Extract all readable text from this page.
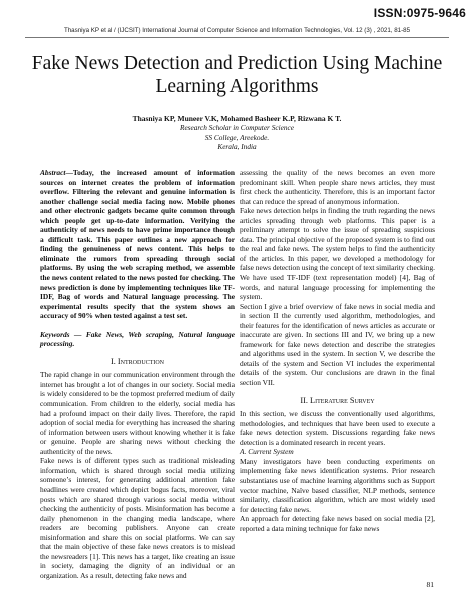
ISSN:0975-9646
Thasniya KP et al / (IJCSIT) International Journal of Computer Science and Information Technologies, Vol. 12 (3) , 2021, 81-85
Fake News Detection and Prediction Using Machine Learning Algorithms
Thasniya KP, Muneer V.K, Mohamed Basheer K.P, Rizwana K T.
Research Scholar in Computer Science
SS College, Areekode.
Kerala, India

Abstract—Today, the increased amount of information sources on internet creates the problem of information overflow. Filtering the relevant and genuine information is another challenge social media facing now. Mobile phones and other electronic gadgets became quite common through which people get up-to-date information. Verifying the authenticity of news needs to have prime importance though a difficult task. This paper outlines a new approach for finding the genuineness of news content. This helps to eliminate the rumors from spreading through social platforms. By using the web scraping method, we assemble the news content related to the news posted for checking. The news prediction is done by implementing techniques like TF-IDF, Bag of words and Natural language processing. The experimental results specify that the system shows an accuracy of 90% when tested against a test set.

Keywords — Fake News, Web scraping, Natural language processing.

I. Introduction

The rapid change in our communication environment through the internet has brought a lot of changes in our society. Social media is widely considered to be the topmost preferred medium of daily communication. From children to the elderly, social media has had a profound impact on their daily lives. Therefore, the rapid adoption of social media for everything has increased the sharing of information between users without knowing whether it is fake or genuine. People are sharing news without checking the authenticity of the news.

Fake news is of different types such as traditional misleading information, which is shared through social media utilizing someone’s interest, for generating additional attention fake headlines were created which depict bogus facts, moreover, viral posts which are shared through various social media without checking the authenticity of posts. Misinformation has become a daily phenomenon in the changing media landscape, where readers are becoming publishers. Anyone can create misinformation and share this on social platforms. We can say that the main objective of these fake news creators is to mislead the newsreaders [1]. This news has a target, like creating an issue in society, damaging the dignity of an individual or an organization. As a result, detecting fake news and

assessing the quality of the news becomes an even more predominant skill. When people share news articles, they must first check the authenticity. Therefore, this is an important factor that can reduce the spread of anonymous information.

Fake news detection helps in finding the truth regarding the news articles spreading through web platforms. This paper is a preliminary attempt to solve the issue of spreading suspicious data. The principal objective of the proposed system is to find out the real and fake news. The system helps to find the authenticity of the articles. In this paper, we developed a methodology for false news detection using the concept of text similarity checking. We have used TF-IDF (text representation model) [4], Bag of words, and natural language processing for implementing the system.

Section I give a brief overview of fake news in social media and in section II the currently used algorithm, methodologies, and their features for the identification of news articles as accurate or inaccurate are given. In sections III and IV, we bring up a new framework for fake news detection and describe the strategies and algorithms used in the system. In section V, we describe the details of the system and Section VI includes the experimental details of the system. Our conclusions are drawn in the final section VII.

II. Literature Survey

In this section, we discuss the conventionally used algorithms, methodologies, and techniques that have been used to execute a fake news detection system. Discussions regarding fake news detection is a dominated research in recent years.

A. Current System

Many investigators have been conducting experiments on implementing fake news identification systems. Prior research substantiates use of machine learning algorithms such as Support vector machine, Naïve based classifier, NLP methods, sentence similarity, classification algorithm, which are most widely used for detecting fake news.

An approach for detecting fake news based on social media [2], reported a data mining technique for fake news

81
